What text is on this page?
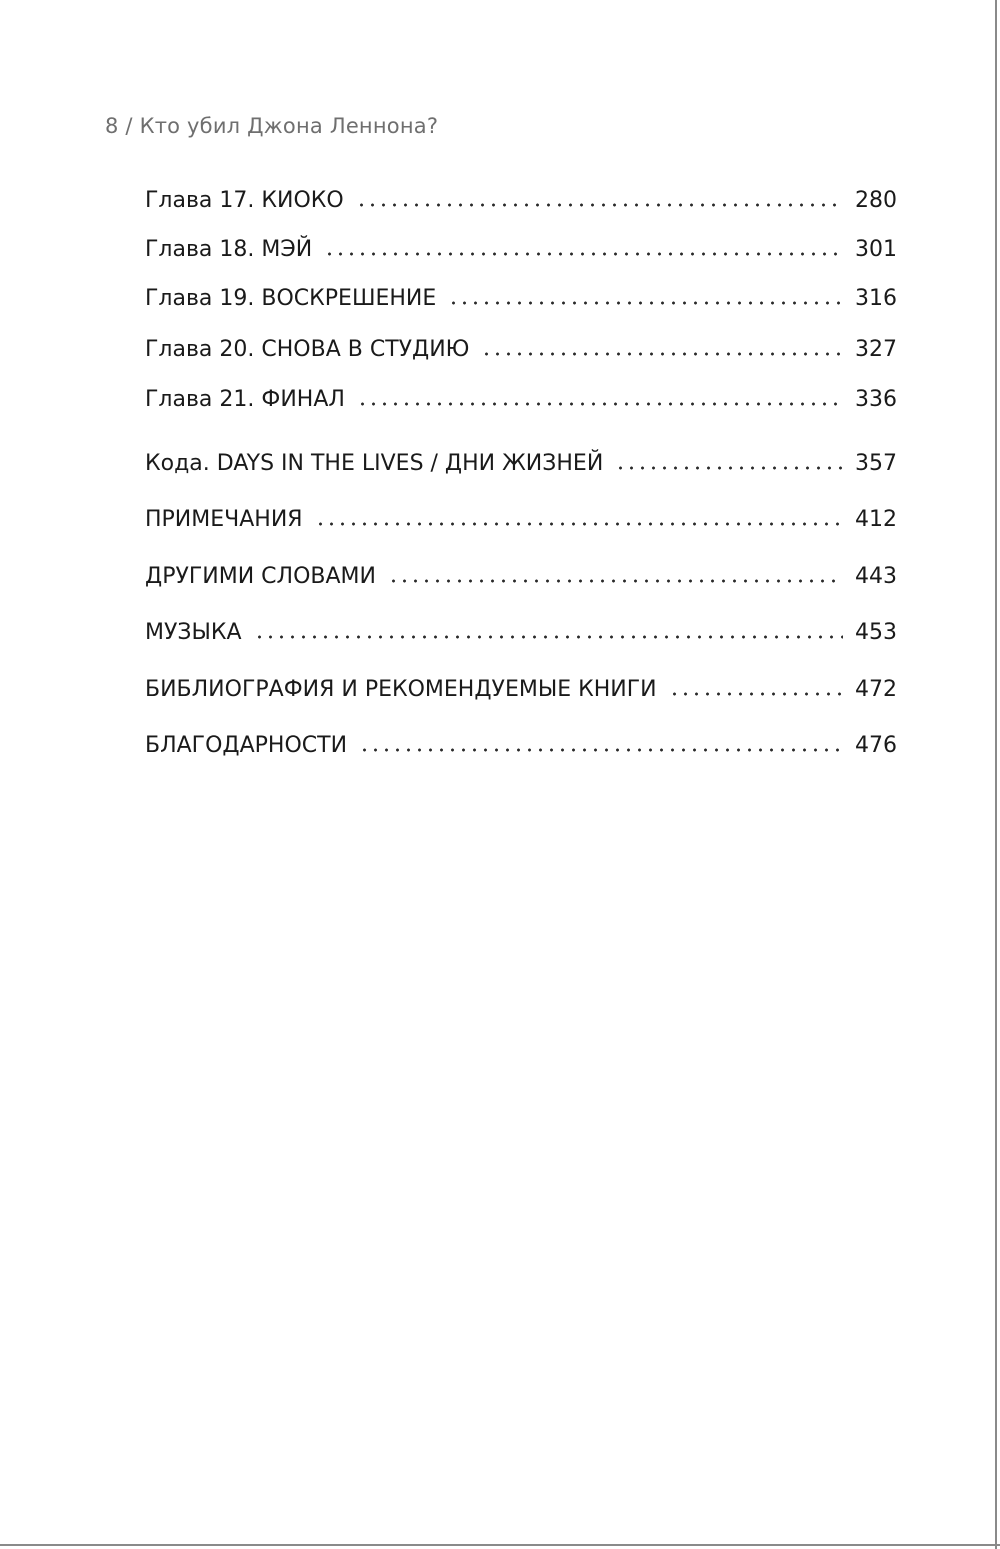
8 / Кто убил Джона Леннона?
Глава 17. КИОКО	280
Глава 18. МЭЙ	301
Глава 19. ВОСКРЕШЕНИЕ	316
Глава 20. СНОВА В СТУДИЮ	327
Глава 21. ФИНАЛ	336
Кода. DAYS IN THE LIVES / ДНИ ЖИЗНЕЙ	357
ПРИМЕЧАНИЯ	412
ДРУГИМИ СЛОВАМИ	443
МУЗЫКА	453
БИБЛИОГРАФИЯ И РЕКОМЕНДУЕМЫЕ КНИГИ	472
БЛАГОДАРНОСТИ	476
